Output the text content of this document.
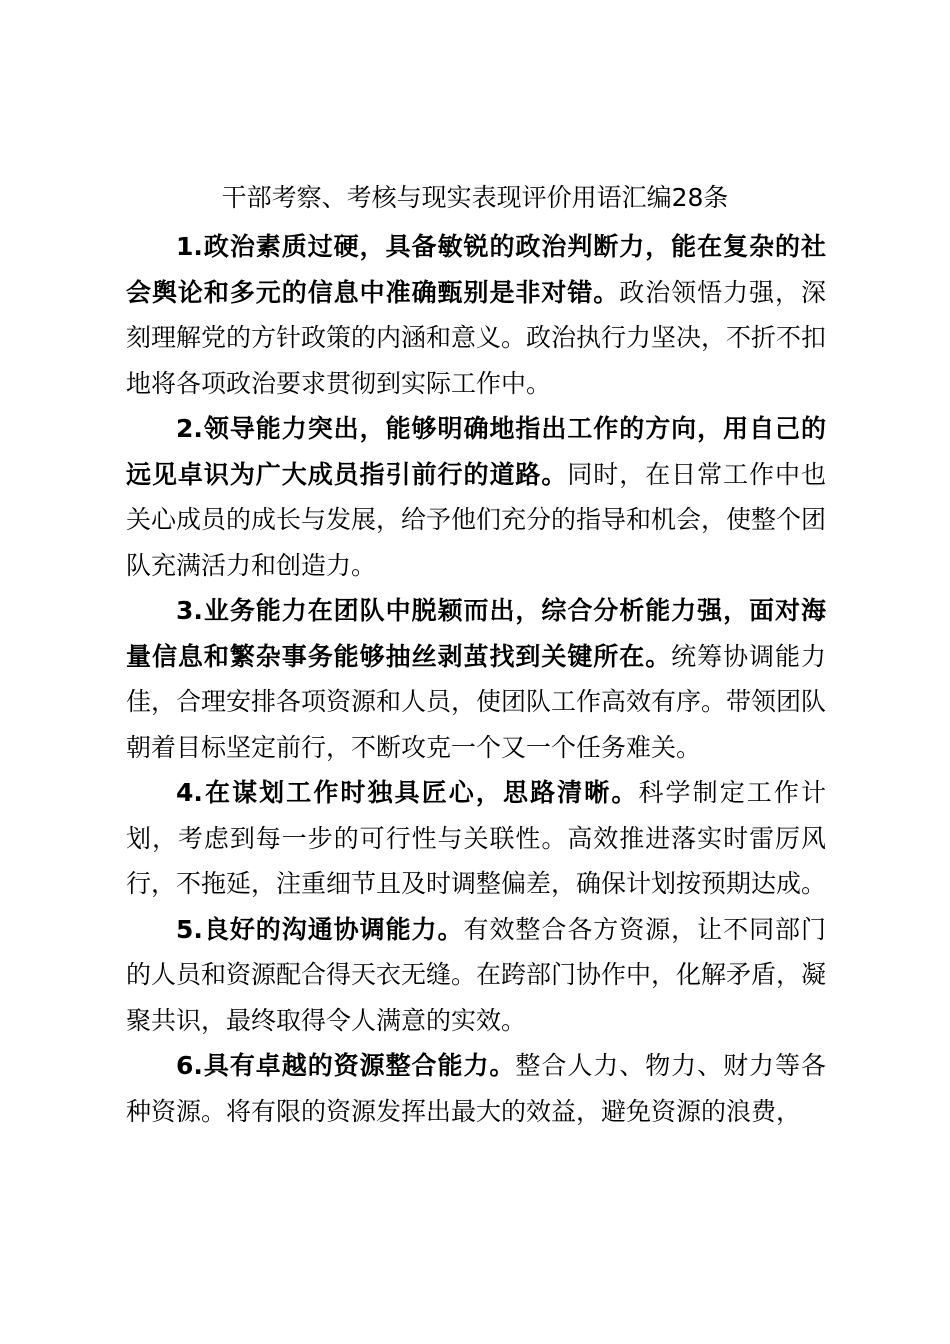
干部考察、考核与现实表现评价用语汇编28条

1.政治素质过硬，具备敏锐的政治判断力，能在复杂的社会舆论和多元的信息中准确甄别是非对错。政治领悟力强，深刻理解党的方针政策的内涵和意义。政治执行力坚决，不折不扣地将各项政治要求贯彻到实际工作中。

2.领导能力突出，能够明确地指出工作的方向，用自己的远见卓识为广大成员指引前行的道路。同时，在日常工作中也关心成员的成长与发展，给予他们充分的指导和机会，使整个团队充满活力和创造力。

3.业务能力在团队中脱颖而出，综合分析能力强，面对海量信息和繁杂事务能够抽丝剥茧找到关键所在。统筹协调能力佳，合理安排各项资源和人员，使团队工作高效有序。带领团队朝着目标坚定前行，不断攻克一个又一个任务难关。

4.在谋划工作时独具匠心，思路清晰。科学制定工作计划，考虑到每一步的可行性与关联性。高效推进落实时雷厉风行，不拖延，注重细节且及时调整偏差，确保计划按预期达成。

5.良好的沟通协调能力。有效整合各方资源，让不同部门的人员和资源配合得天衣无缝。在跨部门协作中，化解矛盾，凝聚共识，最终取得令人满意的实效。

6.具有卓越的资源整合能力。整合人力、物力、财力等各种资源。将有限的资源发挥出最大的效益，避免资源的浪费，
